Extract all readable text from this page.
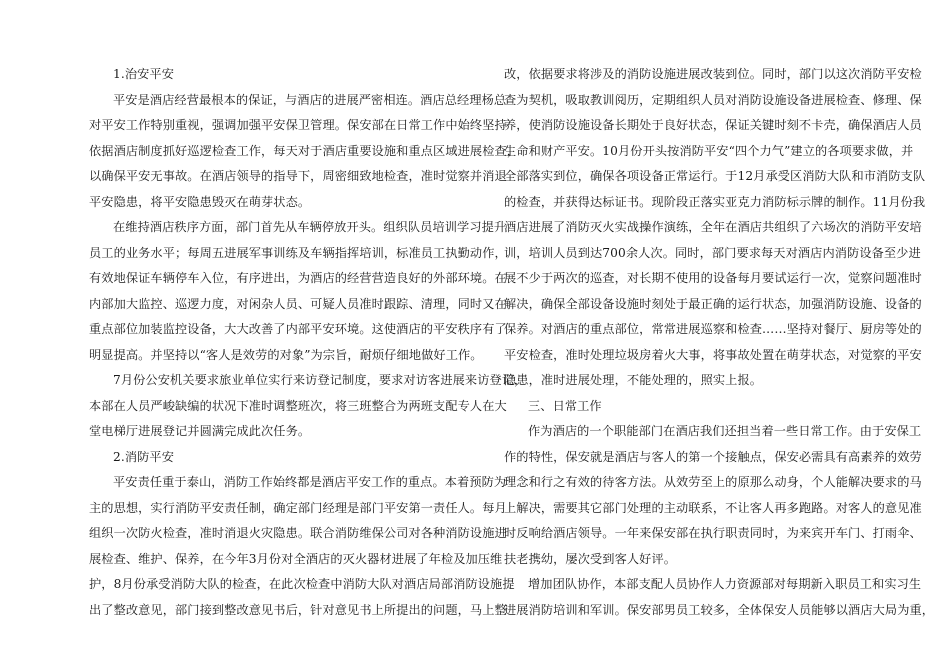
1.治安平安
平安是酒店经营最根本的保证，与酒店的进展严密相连。酒店总经理杨总
对平安工作特别重视，强调加强平安保卫管理。保安部在日常工作中始终坚持
依据酒店制度抓好巡逻检查工作，每天对于酒店重要设施和重点区域进展检查，
以确保平安无事故。在酒店领导的指导下，周密细致地检查，准时觉察并消退
平安隐患，将平安隐患毁灭在萌芽状态。
在维持酒店秩序方面，部门首先从车辆停放开头。组织队员培训学习提升
员工的业务水平；每周五进展军事训练及车辆指挥培训，标准员工执勤动作，
有效地保证车辆停车入位，有序进出，为酒店的经营营造良好的外部环境。在
内部加大监控、巡逻力度，对闲杂人员、可疑人员准时跟踪、清理，同时又在
重点部位加装监控设备，大大改善了内部平安环境。这使酒店的平安秩序有了
明显提高。并坚持以“客人是效劳的对象”为宗旨，耐烦仔细地做好工作。
7月份公安机关要求旅业单位实行来访登记制度，要求对访客进展来访登记，
本部在人员严峻缺编的状况下准时调整班次，将三班整合为两班支配专人在大
堂电梯厅进展登记并圆满完成此次任务。
2.消防平安
平安责任重于泰山，消防工作始终都是酒店平安工作的重点。本着预防为
主的思想，实行消防平安责任制，确定部门经理是部门平安第一责任人。每月
组织一次防火检查，准时消退火灾隐患。联合消防维保公司对各种消防设施进
展检查、维护、保养，在今年3月份对全酒店的灭火器材进展了年检及加压维
护，8月份承受消防大队的检查，在此次检查中消防大队对酒店局部消防设施提
出了整改意见，部门接到整改意见书后，针对意见书上所提出的问题，马上整
改，依据要求将涉及的消防设施进展改装到位。同时，部门以这次消防平安检
查为契机，吸取教训阅历，定期组织人员对消防设施设备进展检查、修理、保
养，使消防设施设备长期处于良好状态，保证关键时刻不卡壳，确保酒店人员
生命和财产平安。10月份开头按消防平安“四个力气”建立的各项要求做，并
全部落实到位，确保各项设备正常运行。于12月承受区消防大队和市消防支队
的检查，并获得达标证书。现阶段正落实亚克力消防标示牌的制作。11月份我
酒店进展了消防灭火实战操作演练，全年在酒店共组织了六场次的消防平安培
训，培训人员到达700余人次。同时，部门要求每天对酒店内消防设备至少进
展不少于两次的巡查，对长期不使用的设备每月要试运行一次，觉察问题准时
解决，确保全部设备设施时刻处于最正确的运行状态，加强消防设施、设备的
保养。对酒店的重点部位，常常进展巡察和检查……坚持对餐厅、厨房等处的
平安检查，准时处理垃圾房着火大事，将事故处置在萌芽状态，对觉察的平安
隐患，准时进展处理，不能处理的，照实上报。
三、日常工作
作为酒店的一个职能部门在酒店我们还担当着一些日常工作。由于安保工
作的特性，保安就是酒店与客人的第一个接触点，保安必需具有高素养的效劳
理念和行之有效的待客方法。从效劳至上的原那么动身，个人能解决要求的马
上解决，需要其它部门处理的主动联系，不让客人再多跑路。对客人的意见准
时反响给酒店领导。一年来保安部在执行职责同时，为来宾开车门、打雨伞、
扶老携幼，屡次受到客人好评。
增加团队协作，本部支配人员协作人力资源部对每期新入职员工和实习生
进展消防培训和军训。保安部男员工较多，全体保安人员能够以酒店大局为重，
